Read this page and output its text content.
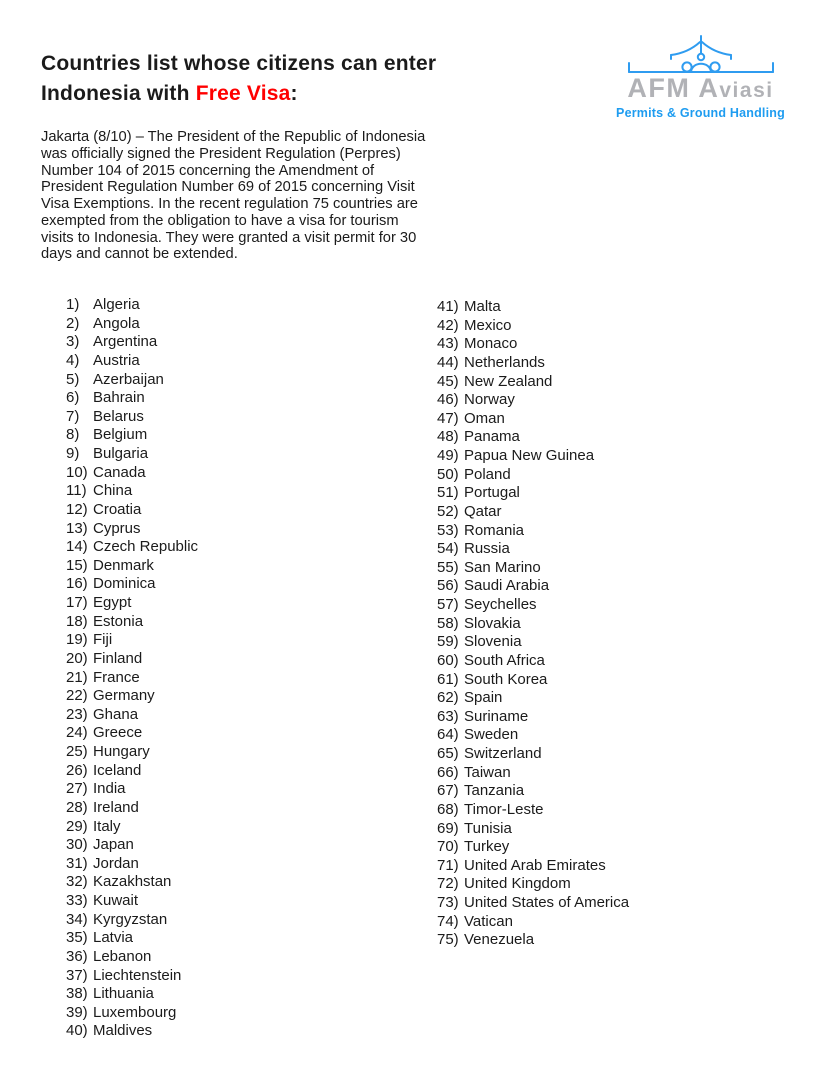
Countries list whose citizens can enter
Indonesia with Free Visa:	AFM Aviasi
Permits & Ground Handling
Jakarta (8/10) – The President of the Republic of Indonesia
was officially signed the President Regulation (Perpres)
Number 104 of 2015 concerning the Amendment of
President Regulation Number 69 of 2015 concerning Visit
Visa Exemptions. In the recent regulation 75 countries are
exempted from the obligation to have a visa for tourism
visits to Indonesia. They were granted a visit permit for 30
days and cannot be extended.
1) Algeria
2) Angola
3) Argentina
4) Austria
5) Azerbaijan
6) Bahrain
7) Belarus
8) Belgium
9) Bulgaria
10) Canada
11) China
12) Croatia
13) Cyprus
14) Czech Republic
15) Denmark
16) Dominica
17) Egypt
18) Estonia
19) Fiji
20) Finland
21) France
22) Germany
23) Ghana
24) Greece
25) Hungary
26) Iceland
27) India
28) Ireland
29) Italy
30) Japan
31) Jordan
32) Kazakhstan
33) Kuwait
34) Kyrgyzstan
35) Latvia
36) Lebanon
37) Liechtenstein
38) Lithuania
39) Luxembourg
40) Maldives
41) Malta
42) Mexico
43) Monaco
44) Netherlands
45) New Zealand
46) Norway
47) Oman
48) Panama
49) Papua New Guinea
50) Poland
51) Portugal
52) Qatar
53) Romania
54) Russia
55) San Marino
56) Saudi Arabia
57) Seychelles
58) Slovakia
59) Slovenia
60) South Africa
61) South Korea
62) Spain
63) Suriname
64) Sweden
65) Switzerland
66) Taiwan
67) Tanzania
68) Timor-Leste
69) Tunisia
70) Turkey
71) United Arab Emirates
72) United Kingdom
73) United States of America
74) Vatican
75) Venezuela
